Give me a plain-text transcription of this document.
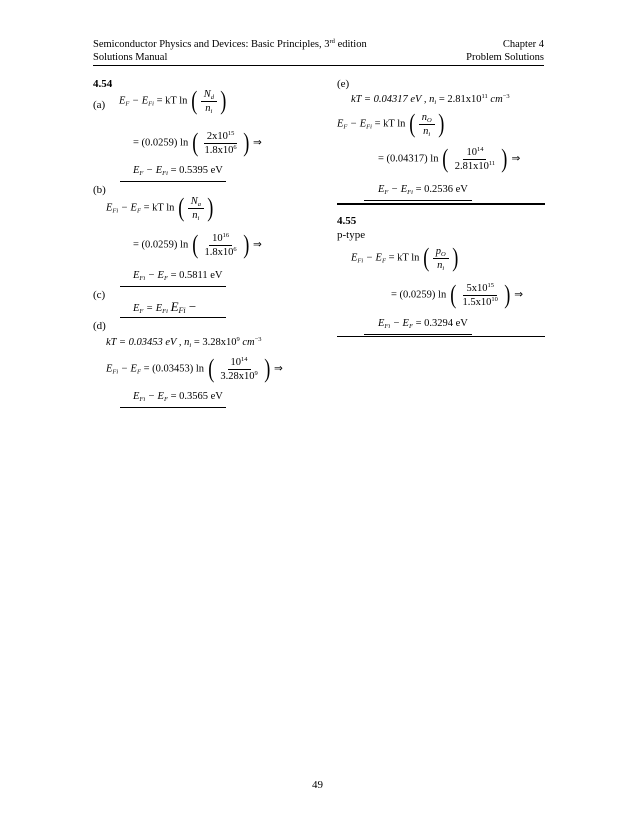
Semiconductor Physics and Devices: Basic Principles, 3rd edition	Chapter 4
Solutions Manual	Problem Solutions
4.54
(a) $E_F - E_{Fi}$ = kT ln ( $\frac{N_d}{n_i}$ )
= (0.0259) ln ( $\frac{2x10^{15}}{1.8x10^6}$ ) ⇒
$E_F - E_{Fi} = 0.5395$ eV
(b)
$E_{Fi} - E_F$ = kT ln ( $\frac{N_a}{n_i}$ )
= (0.0259) ln ( $\frac{10^{16}}{1.8x10^6}$ ) ⇒
$E_{Fi} - E_F = 0.5811$ eV
(c)
$E_F = E_{Fi}$ $E_{Fi}$ −
(d)
kT = 0.03453 eV , $n_i = 3.28x10^9$ $cm^{-3}$
$E_{Fi} - E_F = (0.03453)$ ln ( $\frac{10^{14}}{3.28x10^9}$ ) ⇒
$E_{Fi} - E_F = 0.3565$ eV
(e)
kT = 0.04317 eV , $n_i = 2.81x10^{11}$ $cm^{-3}$
$E_F - E_{Fi}$ = kT ln ( $\frac{n_O}{n_i}$ )
= (0.04317) ln ( $\frac{10^{14}}{2.81x10^{11}}$ ) ⇒
$E_F - E_{Fi} = 0.2536$ eV
4.55
p-type
$E_{Fi} - E_F$ = kT ln ( $\frac{p_O}{n_i}$ )
= (0.0259) ln ( $\frac{5x10^{15}}{1.5x10^{10}}$ ) ⇒
$E_{Fi} - E_F = 0.3294$ eV
49
